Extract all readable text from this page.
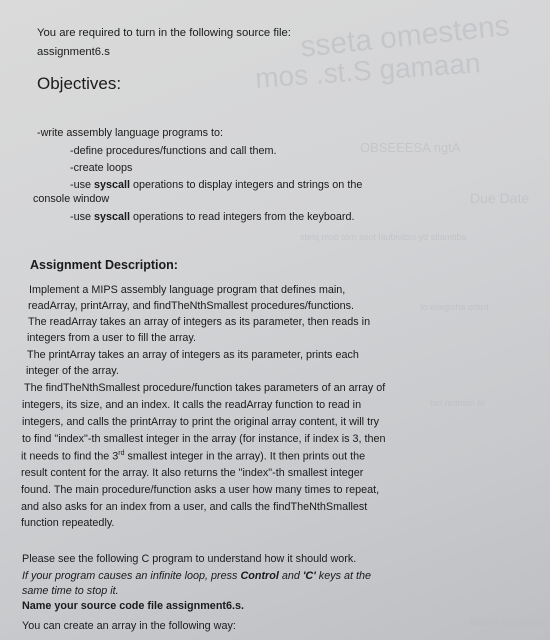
sseta omestens
mos .st.S gamaan
OBSEEESA ngtA
Due Date
stelq mob tom soot laubivibni yd stiamtiba
to elaiglsha orted
bel redmun to
Miniml Submitted
You are required to turn in the following source file:
assignment6.s
Objectives:
-write assembly language programs to:
-define procedures/functions and call them.
-create loops
-use syscall operations to display integers and strings on the
console window
-use syscall operations to read integers from the keyboard.
Assignment Description:
Implement a MIPS assembly language program that defines main,
readArray, printArray, and findTheNthSmallest procedures/functions.
The readArray takes an array of integers as its parameter, then reads in
integers from a user to fill the array.
The printArray takes an array of integers as its parameter, prints each
integer of the array.
The findTheNthSmallest procedure/function takes parameters of an array of
integers, its size, and an index. It calls the readArray function to read in
integers, and calls the printArray to print the original array content, it will try
to find "index"-th smallest integer in the array (for instance, if index is 3, then
it needs to find the 3rd smallest integer in the array). It then prints out the
result content for the array. It also returns the "index"-th smallest integer
found. The main procedure/function asks a user how many times to repeat,
and also asks for an index from a user, and calls the findTheNthSmallest
function repeatedly.
Please see the following C program to understand how it should work.
If your program causes an infinite loop, press Control and 'C' keys at the
same time to stop it.
Name your source code file assignment6.s.
You can create an array in the following way:
